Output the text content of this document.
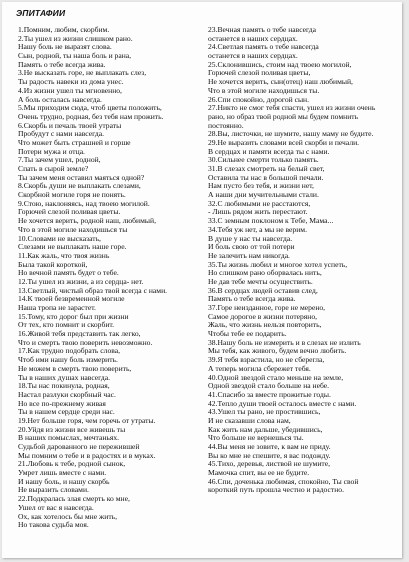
ЭПИТАФИИ
1.Помним, любим, скорбим.
2.Ты ушел из жизни слишком рано.
Нашу боль не выразят слова.
Сын, родной, ты наша боль и рана,
Память о тебе всегда жива.
3.Не высказать горе, не выплакать слез,
Ты радость навеки из дома унес.
4.Из жизни ушел ты мгновенно,
А боль осталась навсегда.
5.Мы приходим сюда, чтоб цветы положить,
Очень трудно, родная, без тебя нам прожить.
6.Скорбь и печаль твоей утраты
Пробудут с нами навсегда.
Что может быть страшней и горше
Потери мужа и отца.
7.Ты зачем ушел, родной,
Спать в сырой земле?
Ты зачем меня оставил маяться одной?
8.Скорбь души не выплакать слезами,
Скорбной могиле горя не понять.
9.Стою, наклоняясь, над твоею могилой.
Горючей слезой поливая цветы.
Не хочется верить, родной наш, любимый,
Что в этой могиле находишься ты
10.Словами не высказать,
Слезами не выплакать наше горе.
11.Как жаль, что твоя жизнь
Была такой короткой,
Но вечной память будет о тебе.
12.Ты ушел из жизни, а из сердца- нет.
13.Светлый, чистый образ твой всегда с нами.
14.К твоей безвременной могиле
Наша тропа не зарастет.
15.Тому, кто дорог был при жизни
От тех, кто помнит и скорбит.
16.Живой тебя представить так легко,
Что и смерть твою поверить невозможно.
17.Как трудно подобрать слова,
Чтоб ими нашу боль измерить.
Не можем в смерть твою поверить,
Ты в наших душах навсегда.
18.Ты нас покинула, родная,
Настал разлуки скорбный час.
Но все по-прежнему живая
Ты в нашем сердце среди нас.
19.Нет больше горя, чем горечь от утраты.
20.Уйдя из жизни все живешь ты
В наших помыслах, мечтаньях.
Судьбой дарованного не пережившей
Мы помним о тебе и в радостях и в муках.
21.Любовь к тебе, родной сынок,
Умрет лишь вместе с нами.
И нашу боль, и нашу скорбь
Не выразить словами.
22.Подкралась злая смерть ко мне,
Ушел от вас я навсегда.
Ох, как хотелось бы мне жить,
Но такова судьба моя.
23.Вечная память о тебе навсегда
останется в наших сердцах.
24.Светлая память о тебе навсегда
останется в наших сердцах.
25.Склонившись, стоим над твоею могилой,
Горючей слезой поливая цветы,
Не хочется верить, сын(отец) наш любимый,
Что в этой могиле находишься ты.
26.Спи спокойно, дорогой сын.
27.Никто не смог тебя спасти, ушел из жизни очень
рано, но образ твой родной мы будем помнить
постоянно.
28.Вы, листочки, не шумите, нашу маму не будите.
29.Не выразить словами всей скорби и печали.
В сердцах и памяти всегда ты с нами.
30.Сильнее смерти только память.
31.В слезах смотреть на белый свет,
Оставила ты нас в большой печали.
Нам пусто без тебя, и жизни нет,
А наши дни мучительными стали.
32.С любимыми не расстаются,
- Лишь рядом жить перестают.
33.С земным поклоном к Тебе, Мама...
34.Тебя уж нет, а мы не верим.
В душе у нас ты навсегда.
И боль свою от той потери
Не залечить нам никогда.
35.Ты жизнь любил и многое хотел успеть,
Но слишком рано оборвалась нить,
Не дав тебе мечты осуществить.
36.В сердцах людей оставив след,
Память о тебе всегда жива.
37.Горе неизданное, горе не мерено,
Самое дорогое в жизни потеряно,
Жаль, что жизнь нельзя повторить,
Чтобы тебе ее подарить.
38.Нашу боль не измерить и в слезах не излить
Мы тебя, как живого, будем вечно любить.
39.Я тебя взрастила, но не сберегла,
А теперь могила сбережет тебя.
40.Одной звездой стало меньше на земле,
Одной звездой стало больше на небе.
41.Спасибо за вместе прожитые годы.
42.Тепло души твоей осталось вместе с нами.
43.Ушел ты рано, не простившись,
И не сказавши слова нам,
Как жить нам дальше, убедившись,
Что больше не вернешься ты.
44.Вы меня не зовите, к вам не приду.
Вы ко мне не спешите, я вас подожду.
45.Тихо, деревья, листвой не шумите,
Мамочка спит, вы ее не будите.
46.Спи, доченька любимая, спокойно, Ты свой
короткий путь прошла честно и радостно.
